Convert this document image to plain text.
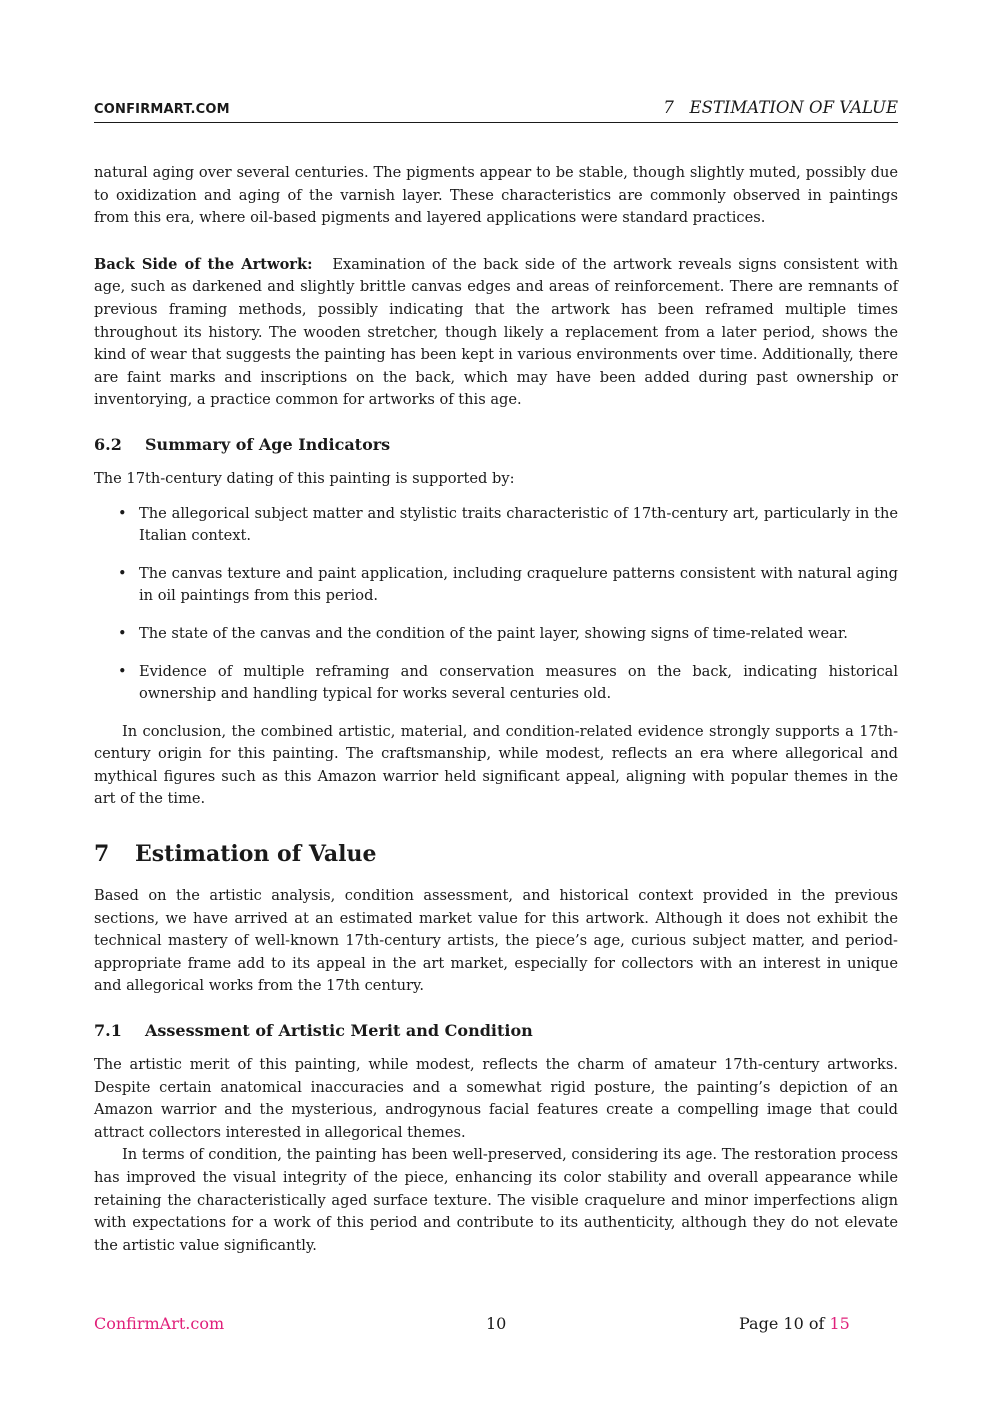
CONFIRMART.COM	7   ESTIMATION OF VALUE

natural aging over several centuries. The pigments appear to be stable, though slightly muted, possibly due to oxidization and aging of the varnish layer. These characteristics are commonly observed in paintings from this era, where oil-based pigments and layered applications were standard practices.

Back Side of the Artwork: Examination of the back side of the artwork reveals signs consistent with age, such as darkened and slightly brittle canvas edges and areas of reinforcement. There are remnants of previous framing methods, possibly indicating that the artwork has been reframed multiple times throughout its history. The wooden stretcher, though likely a replacement from a later period, shows the kind of wear that suggests the painting has been kept in various environments over time. Additionally, there are faint marks and inscriptions on the back, which may have been added during past ownership or inventorying, a practice common for artworks of this age.

6.2 Summary of Age Indicators

The 17th-century dating of this painting is supported by:

• The allegorical subject matter and stylistic traits characteristic of 17th-century art, particularly in the Italian context.
• The canvas texture and paint application, including craquelure patterns consistent with natural aging in oil paintings from this period.
• The state of the canvas and the condition of the paint layer, showing signs of time-related wear.
• Evidence of multiple reframing and conservation measures on the back, indicating historical ownership and handling typical for works several centuries old.

In conclusion, the combined artistic, material, and condition-related evidence strongly supports a 17th-century origin for this painting. The craftsmanship, while modest, reflects an era where allegorical and mythical figures such as this Amazon warrior held significant appeal, aligning with popular themes in the art of the time.

7 Estimation of Value

Based on the artistic analysis, condition assessment, and historical context provided in the previous sections, we have arrived at an estimated market value for this artwork. Although it does not exhibit the technical mastery of well-known 17th-century artists, the piece’s age, curious subject matter, and period-appropriate frame add to its appeal in the art market, especially for collectors with an interest in unique and allegorical works from the 17th century.

7.1 Assessment of Artistic Merit and Condition

The artistic merit of this painting, while modest, reflects the charm of amateur 17th-century artworks. Despite certain anatomical inaccuracies and a somewhat rigid posture, the painting’s depiction of an Amazon warrior and the mysterious, androgynous facial features create a compelling image that could attract collectors interested in allegorical themes.

In terms of condition, the painting has been well-preserved, considering its age. The restoration process has improved the visual integrity of the piece, enhancing its color stability and overall appearance while retaining the characteristically aged surface texture. The visible craquelure and minor imperfections align with expectations for a work of this period and contribute to its authenticity, although they do not elevate the artistic value significantly.

ConfirmArt.com	10	Page 10 of 15
